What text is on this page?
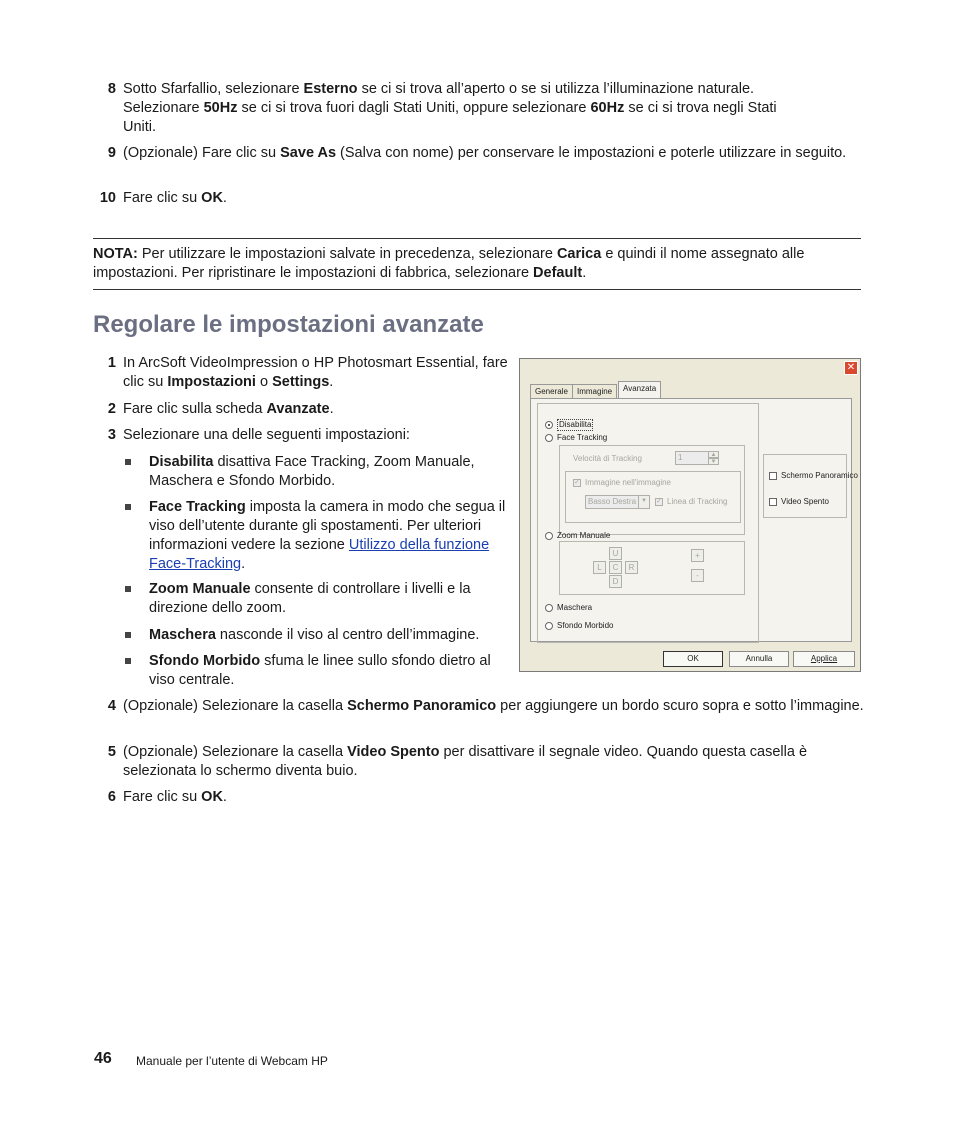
8 Sotto Sfarfallio, selezionare Esterno se ci si trova all’aperto o se si utilizza l’illuminazione naturale. Selezionare 50Hz se ci si trova fuori dagli Stati Uniti, oppure selezionare 60Hz se ci si trova negli Stati Uniti.
9 (Opzionale) Fare clic su Save As (Salva con nome) per conservare le impostazioni e poterle utilizzare in seguito.
10 Fare clic su OK.
NOTA: Per utilizzare le impostazioni salvate in precedenza, selezionare Carica e quindi il nome assegnato alle impostazioni. Per ripristinare le impostazioni di fabbrica, selezionare Default.
Regolare le impostazioni avanzate
1 In ArcSoft VideoImpression o HP Photosmart Essential, fare clic su Impostazioni o Settings.
2 Fare clic sulla scheda Avanzate.
3 Selezionare una delle seguenti impostazioni:
Disabilita disattiva Face Tracking, Zoom Manuale, Maschera e Sfondo Morbido.
Face Tracking imposta la camera in modo che segua il viso dell’utente durante gli spostamenti. Per ulteriori informazioni vedere la sezione Utilizzo della funzione Face-Tracking.
Zoom Manuale consente di controllare i livelli e la direzione dello zoom.
Maschera nasconde il viso al centro dell’immagine.
Sfondo Morbido sfuma le linee sullo sfondo dietro al viso centrale.
4 (Opzionale) Selezionare la casella Schermo Panoramico per aggiungere un bordo scuro sopra e sotto l’immagine.
5 (Opzionale) Selezionare la casella Video Spento per disattivare il segnale video. Quando questa casella è selezionata lo schermo diventa buio.
6 Fare clic su OK.
✕
Generale	Immagine	Avanzata
Disabilita
Face Tracking
Velocità di Tracking	1	▲
▼
✓ Immagine nell'immagine
Basso Destra ▼	✓ Linea di Tracking
Zoom Manuale
U
L	C	R
D
+
-
Maschera
Sfondo Morbido
Schermo Panoramico
Video Spento
OK	Annulla	Applica
46 Manuale per l’utente di Webcam HP
